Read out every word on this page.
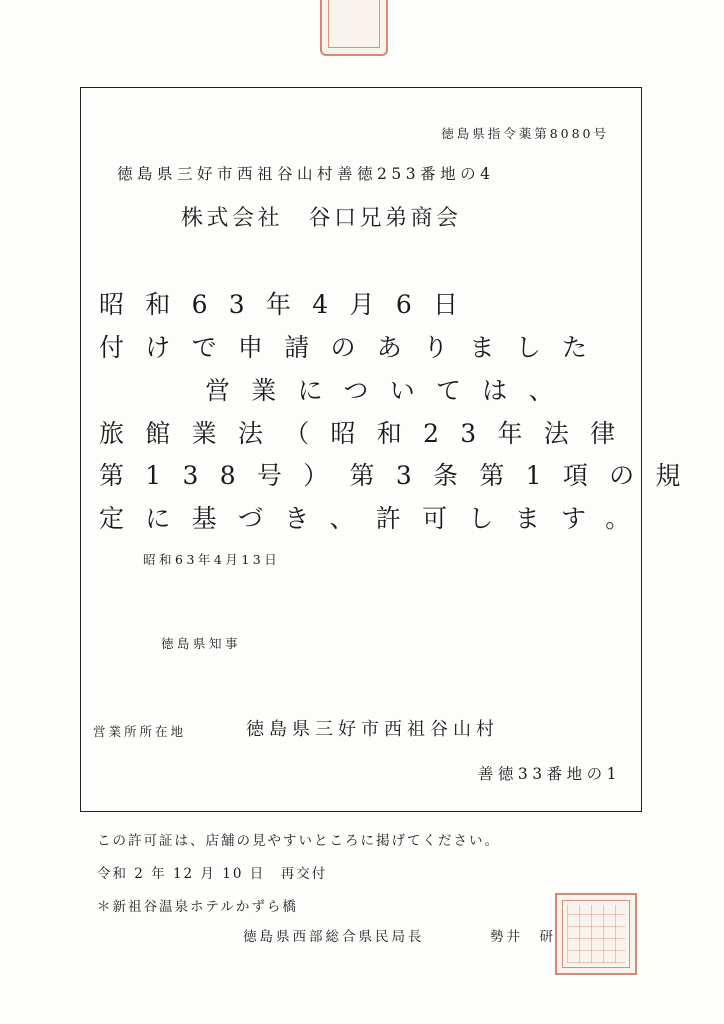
徳島県指令薬第8080号
徳島県三好市西祖谷山村善徳253番地の4
株式会社　谷口兄弟商会
昭和63年4月6日
付けで申請のありました
営業については、
旅館業法（昭和23年法律
第138号）第3条第1項の規
定に基づき、許可します。
昭和63年4月13日
徳島県知事
営業所所在地	徳島県三好市西祖谷山村
善徳33番地の1
この許可証は、店舗の見やすいところに掲げてください。
令和 2 年 12 月 10 日　再交付
＊新祖谷温泉ホテルかずら橋
徳島県西部総合県民局長	勢井　研
